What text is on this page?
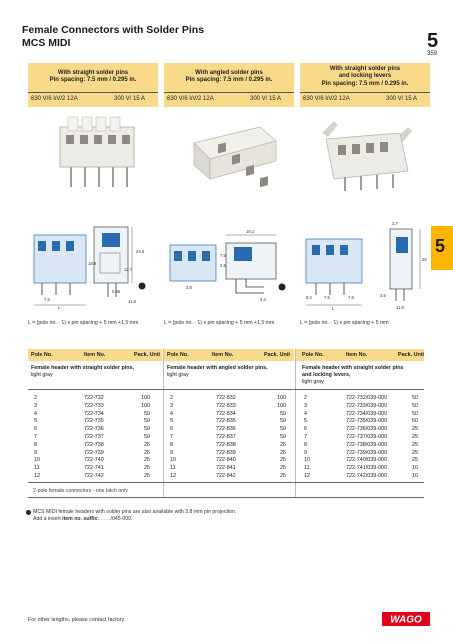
Female Connectors with Solder Pins
MCS MIDI	5
359
5
With straight solder pins
Pin spacing: 7.5 mm / 0.295 in.
630 V/6 kV/2 12A	300 V/ 15 A
With angled solder pins
Pin spacing: 7.5 mm / 0.295 in.
630 V/6 kV/2 12A	300 V/ 15 A
With straight solder pins
and locking levers
Pin spacing: 7.5 mm / 0.295 in.
630 V/6 kV/2 12A	300 V/ 15 A
23.5
18.9
12.7
11.8
0.95
L
7.5
18.2
7.5
2.5
3.8
4.4
3.7
8.2	7.5	7.6
L
3.5
26
11.6
L = (pole no. - 1) x pin spacing + 5 mm +1.5 mm	L = (pole no. - 1) x pin spacing + 5 mm +1.5 mm	L = (pole no. - 1) x pin spacing + 5 mm
Pole No.	Item No.	Pack. Unit Pole No.	Item No.	Pack. Unit Pole No.	Item No.	Pack. Unit
Female header with straight solder pins,
light gray
Female header with angled solder pins,
light gray
Female header with straight solder pins
and locking levers,
light gray
2	722-732	100	2	722-832	100	2	722-732/039-000	50
3	722-733	100	3	722-833	100	3	722-733/039-000	50
4	722-734	50	4	722-834	50	4	722-734/039-000	50
5	722-735	50	5	722-835	50	5	722-735/039-000	50
6	722-736	50	6	722-836	50	6	722-736/039-000	25
7	722-737	50	7	722-837	50	7	722-737/039-000	25
8	722-738	25	8	722-838	25	8	722-738/039-000	25
9	722-739	25	9	722-839	25	9	722-739/039-000	25
10	722-740	25	10	722-840	25	10	722-740/039-000	25
11	722-741	25	11	722-841	25	11	722-741/039-000	10
12	722-742	25	12	722-842	25	12	722-742/039-000	10
2-pole female connectors - one latch only
MCS MIDI female headers with solder pins are also available with 3.8 mm pin projection.
Add a insert item no. suffix: . . . ./045-000.
For other lengths, please contact factory.	WAGO
